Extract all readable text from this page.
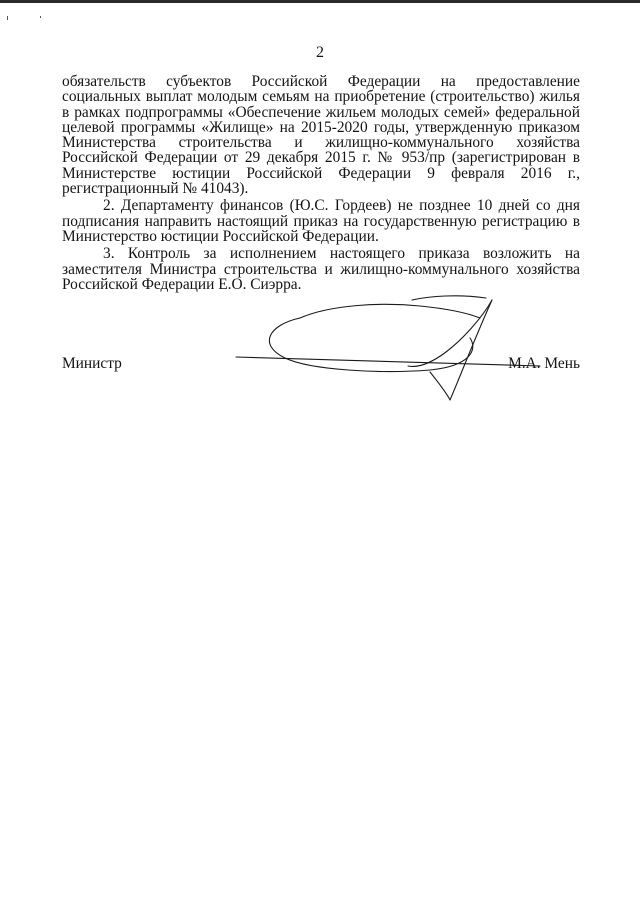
2

обязательств субъектов Российской Федерации на предоставление социальных выплат молодым семьям на приобретение (строительство) жилья в рамках подпрограммы «Обеспечение жильем молодых семей» федеральной целевой программы «Жилище» на 2015-2020 годы, утвержденную приказом Министерства строительства и жилищно-коммунального хозяйства Российской Федерации от 29 декабря 2015 г. № 953/пр (зарегистрирован в Министерстве юстиции Российской Федерации 9 февраля 2016 г., регистрационный № 41043).

2. Департаменту финансов (Ю.С. Гордеев) не позднее 10 дней со дня подписания направить настоящий приказ на государственную регистрацию в Министерство юстиции Российской Федерации.

3. Контроль за исполнением настоящего приказа возложить на заместителя Министра строительства и жилищно-коммунального хозяйства Российской Федерации Е.О. Сиэрра.

Министр	М.А. Мень
